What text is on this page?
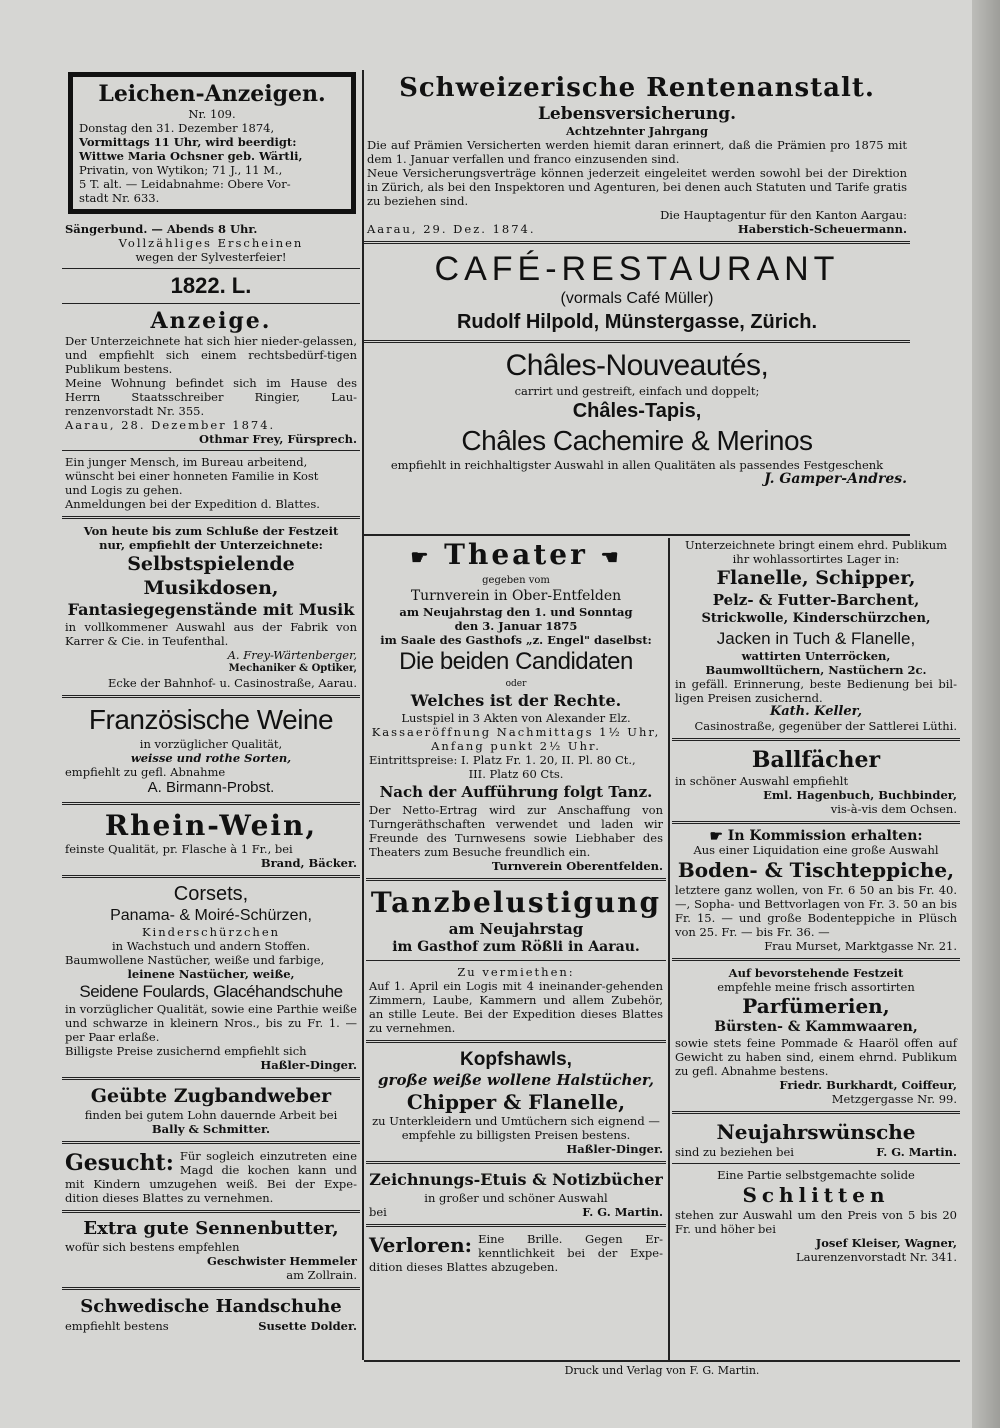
Leichen-Anzeigen.

Nr. 109.

Donstag den 31. Dezember 1874,

Vormittags 11 Uhr, wird beerdigt:

Wittwe Maria Ochsner geb. Wärtli,

Privatin, von Wytikon; 71 J., 11 M.,

5 T. alt. — Leidabnahme: Obere Vor-

stadt Nr. 633.

Sängerbund. — Abends 8 Uhr.

Vollzähliges Erscheinen

wegen der Sylvesterfeier!

1822. L.

Anzeige.

Der Unterzeichnete hat sich hier nieder-gelassen, und empfiehlt sich einem rechtsbedürf-tigen Publikum bestens.

Meine Wohnung befindet sich im Hause des Herrn Staatsschreiber Ringier, Lau-renzenvorstadt Nr. 355.

Aarau, 28. Dezember 1874.

Othmar Frey, Fürsprech.

Ein junger Mensch, im Bureau arbeitend,

wünscht bei einer honneten Familie in Kost

und Logis zu gehen.

Anmeldungen bei der Expedition d. Blattes.

Von heute bis zum Schluße der Festzeit

nur, empfiehlt der Unterzeichnete:

Selbstspielende Musikdosen,

Fantasiegegenstände mit Musik

in vollkommener Auswahl aus der Fabrik von Karrer & Cie. in Teufenthal.

A. Frey-Wärtenberger,

Mechaniker & Optiker,

Ecke der Bahnhof- u. Casinostraße, Aarau.

Französische Weine

in vorzüglicher Qualität,

weisse und rothe Sorten,

empfiehlt zu gefl. Abnahme

A. Birmann-Probst.

Rhein-Wein,

feinste Qualität, pr. Flasche à 1 Fr., bei

Brand, Bäcker.

Corsets,

Panama- & Moiré-Schürzen,

Kinderschürzchen

in Wachstuch und andern Stoffen.

Baumwollene Nastücher, weiße und farbige,

leinene Nastücher, weiße,

Seidene Foulards, Glacéhandschuhe

in vorzüglicher Qualität, sowie eine Parthie weiße und schwarze in kleinern Nros., bis zu Fr. 1. — per Paar erlaße.

Billigste Preise zusichernd empfiehlt sich

Haßler-Dinger.

Geübte Zugbandweber

finden bei gutem Lohn dauernde Arbeit bei

Bally & Schmitter.

Gesucht: Für sogleich einzutreten eine Magd die kochen kann und mit Kindern umzugehen weiß. Bei der Expe-dition dieses Blattes zu vernehmen.

Extra gute Sennenbutter,

wofür sich bestens empfehlen

Geschwister Hemmeler

am Zollrain.

Schwedische Handschuhe

empfiehlt bestens	Susette Dolder.

Schweizerische Rentenanstalt.

Lebensversicherung.

Achtzehnter Jahrgang

Die auf Prämien Versicherten werden hiemit daran erinnert, daß die Prämien pro 1875 mit dem 1. Januar verfallen und franco einzusenden sind.

Neue Versicherungsverträge können jederzeit eingeleitet werden sowohl bei der Direktion in Zürich, als bei den Inspektoren und Agenturen, bei denen auch Statuten und Tarife gratis zu beziehen sind.

Die Hauptagentur für den Kanton Aargau:

Aarau, 29. Dez. 1874.	Haberstich-Scheuermann.

CAFÉ-RESTAURANT

(vormals Café Müller)

Rudolf Hilpold, Münstergasse, Zürich.

Châles-Nouveautés,

carrirt und gestreift, einfach und doppelt;

Châles-Tapis,

Châles Cachemire & Merinos

empfiehlt in reichhaltigster Auswahl in allen Qualitäten als passendes Festgeschenk

J. Gamper-Andres.

☛ Theater ☚

gegeben vom

Turnverein in Ober-Entfelden

am Neujahrstag den 1. und Sonntag

den 3. Januar 1875

im Saale des Gasthofs „z. Engel" daselbst:

Die beiden Candidaten

oder

Welches ist der Rechte.

Lustspiel in 3 Akten von Alexander Elz.

Kassaeröffnung Nachmittags 1½ Uhr,

Anfang punkt 2½ Uhr.

Eintrittspreise: I. Platz Fr. 1. 20, II. Pl. 80 Ct.,

III. Platz 60 Cts.

Nach der Aufführung folgt Tanz.

Der Netto-Ertrag wird zur Anschaffung von Turngeräthschaften verwendet und laden wir Freunde des Turnwesens sowie Liebhaber des Theaters zum Besuche freundlich ein.

Turnverein Oberentfelden.

Tanzbelustigung

am Neujahrstag

im Gasthof zum Rößli in Aarau.

Zu vermiethen:

Auf 1. April ein Logis mit 4 ineinander-gehenden Zimmern, Laube, Kammern und allem Zubehör, an stille Leute. Bei der Expedition dieses Blattes zu vernehmen.

Kopfshawls,

große weiße wollene Halstücher,

Chipper & Flanelle,

zu Unterkleidern und Umtüchern sich eignend —

empfehle zu billigsten Preisen bestens.

Haßler-Dinger.

Zeichnungs-Etuis & Notizbücher

in großer und schöner Auswahl

bei	F. G. Martin.

Verloren: Eine Brille. Gegen Er-kenntlichkeit bei der Expe-dition dieses Blattes abzugeben.

Unterzeichnete bringt einem ehrd. Publikum

ihr wohlassortirtes Lager in:

Flanelle, Schipper,

Pelz- & Futter-Barchent,

Strickwolle, Kinderschürzchen,

Jacken in Tuch & Flanelle,

wattirten Unterröcken,

Baumwolltüchern, Nastüchern 2c.

in gefäll. Erinnerung, beste Bedienung bei bil-ligen Preisen zusichernd.

Kath. Keller,

Casinostraße, gegenüber der Sattlerei Lüthi.

Ballfächer

in schöner Auswahl empfiehlt

Eml. Hagenbuch, Buchbinder,

vis-à-vis dem Ochsen.

☛ In Kommission erhalten:

Aus einer Liquidation eine große Auswahl

Boden- & Tischteppiche,

letztere ganz wollen, von Fr. 6 50 an bis Fr. 40. —, Sopha- und Bettvorlagen von Fr. 3. 50 an bis Fr. 15. — und große Bodenteppiche in Plüsch von 25. Fr. — bis Fr. 36. —

Frau Murset, Marktgasse Nr. 21.

Auf bevorstehende Festzeit

empfehle meine frisch assortirten

Parfümerien,

Bürsten- & Kammwaaren,

sowie stets feine Pommade & Haaröl offen auf Gewicht zu haben sind, einem ehrnd. Publikum zu gefl. Abnahme bestens.

Friedr. Burkhardt, Coiffeur,

Metzgergasse Nr. 99.

Neujahrswünsche

sind zu beziehen bei	F. G. Martin.

Eine Partie selbstgemachte solide

Schlitten

stehen zur Auswahl um den Preis von 5 bis 20 Fr. und höher bei

Josef Kleiser, Wagner,

Laurenzenvorstadt Nr. 341.

Druck und Verlag von F. G. Martin.
